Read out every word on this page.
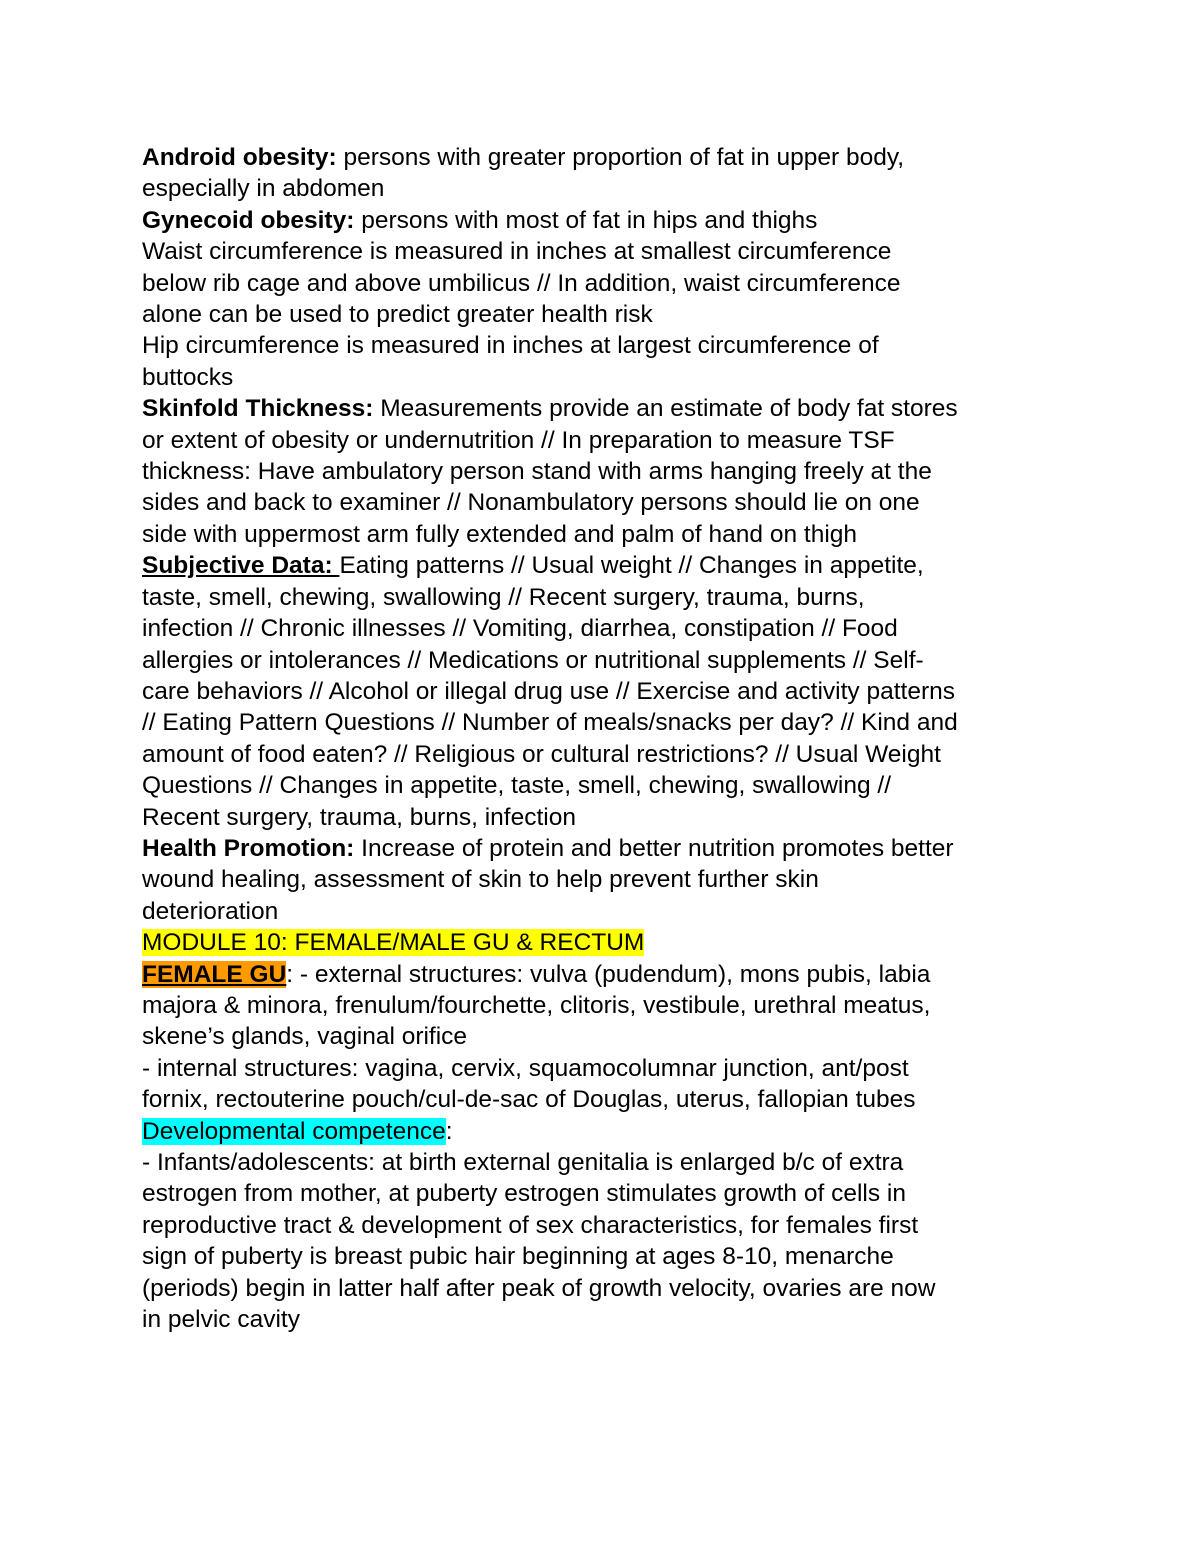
Android obesity: persons with greater proportion of fat in upper body,
especially in abdomen
Gynecoid obesity: persons with most of fat in hips and thighs
Waist circumference is measured in inches at smallest circumference
below rib cage and above umbilicus // In addition, waist circumference
alone can be used to predict greater health risk
Hip circumference is measured in inches at largest circumference of
buttocks
Skinfold Thickness: Measurements provide an estimate of body fat stores
or extent of obesity or undernutrition // In preparation to measure TSF
thickness: Have ambulatory person stand with arms hanging freely at the
sides and back to examiner // Nonambulatory persons should lie on one
side with uppermost arm fully extended and palm of hand on thigh
Subjective Data: Eating patterns // Usual weight // Changes in appetite,
taste, smell, chewing, swallowing // Recent surgery, trauma, burns,
infection // Chronic illnesses // Vomiting, diarrhea, constipation // Food
allergies or intolerances // Medications or nutritional supplements // Self-
care behaviors // Alcohol or illegal drug use // Exercise and activity patterns
// Eating Pattern Questions // Number of meals/snacks per day? // Kind and
amount of food eaten? // Religious or cultural restrictions? // Usual Weight
Questions // Changes in appetite, taste, smell, chewing, swallowing //
Recent surgery, trauma, burns, infection
Health Promotion: Increase of protein and better nutrition promotes better
wound healing, assessment of skin to help prevent further skin
deterioration
MODULE 10: FEMALE/MALE GU & RECTUM
FEMALE GU: - external structures: vulva (pudendum), mons pubis, labia
majora & minora, frenulum/fourchette, clitoris, vestibule, urethral meatus,
skene’s glands, vaginal orifice
- internal structures: vagina, cervix, squamocolumnar junction, ant/post
fornix, rectouterine pouch/cul-de-sac of Douglas, uterus, fallopian tubes
Developmental competence:
- Infants/adolescents: at birth external genitalia is enlarged b/c of extra
estrogen from mother, at puberty estrogen stimulates growth of cells in
reproductive tract & development of sex characteristics, for females first
sign of puberty is breast pubic hair beginning at ages 8-10, menarche
(periods) begin in latter half after peak of growth velocity, ovaries are now
in pelvic cavity
